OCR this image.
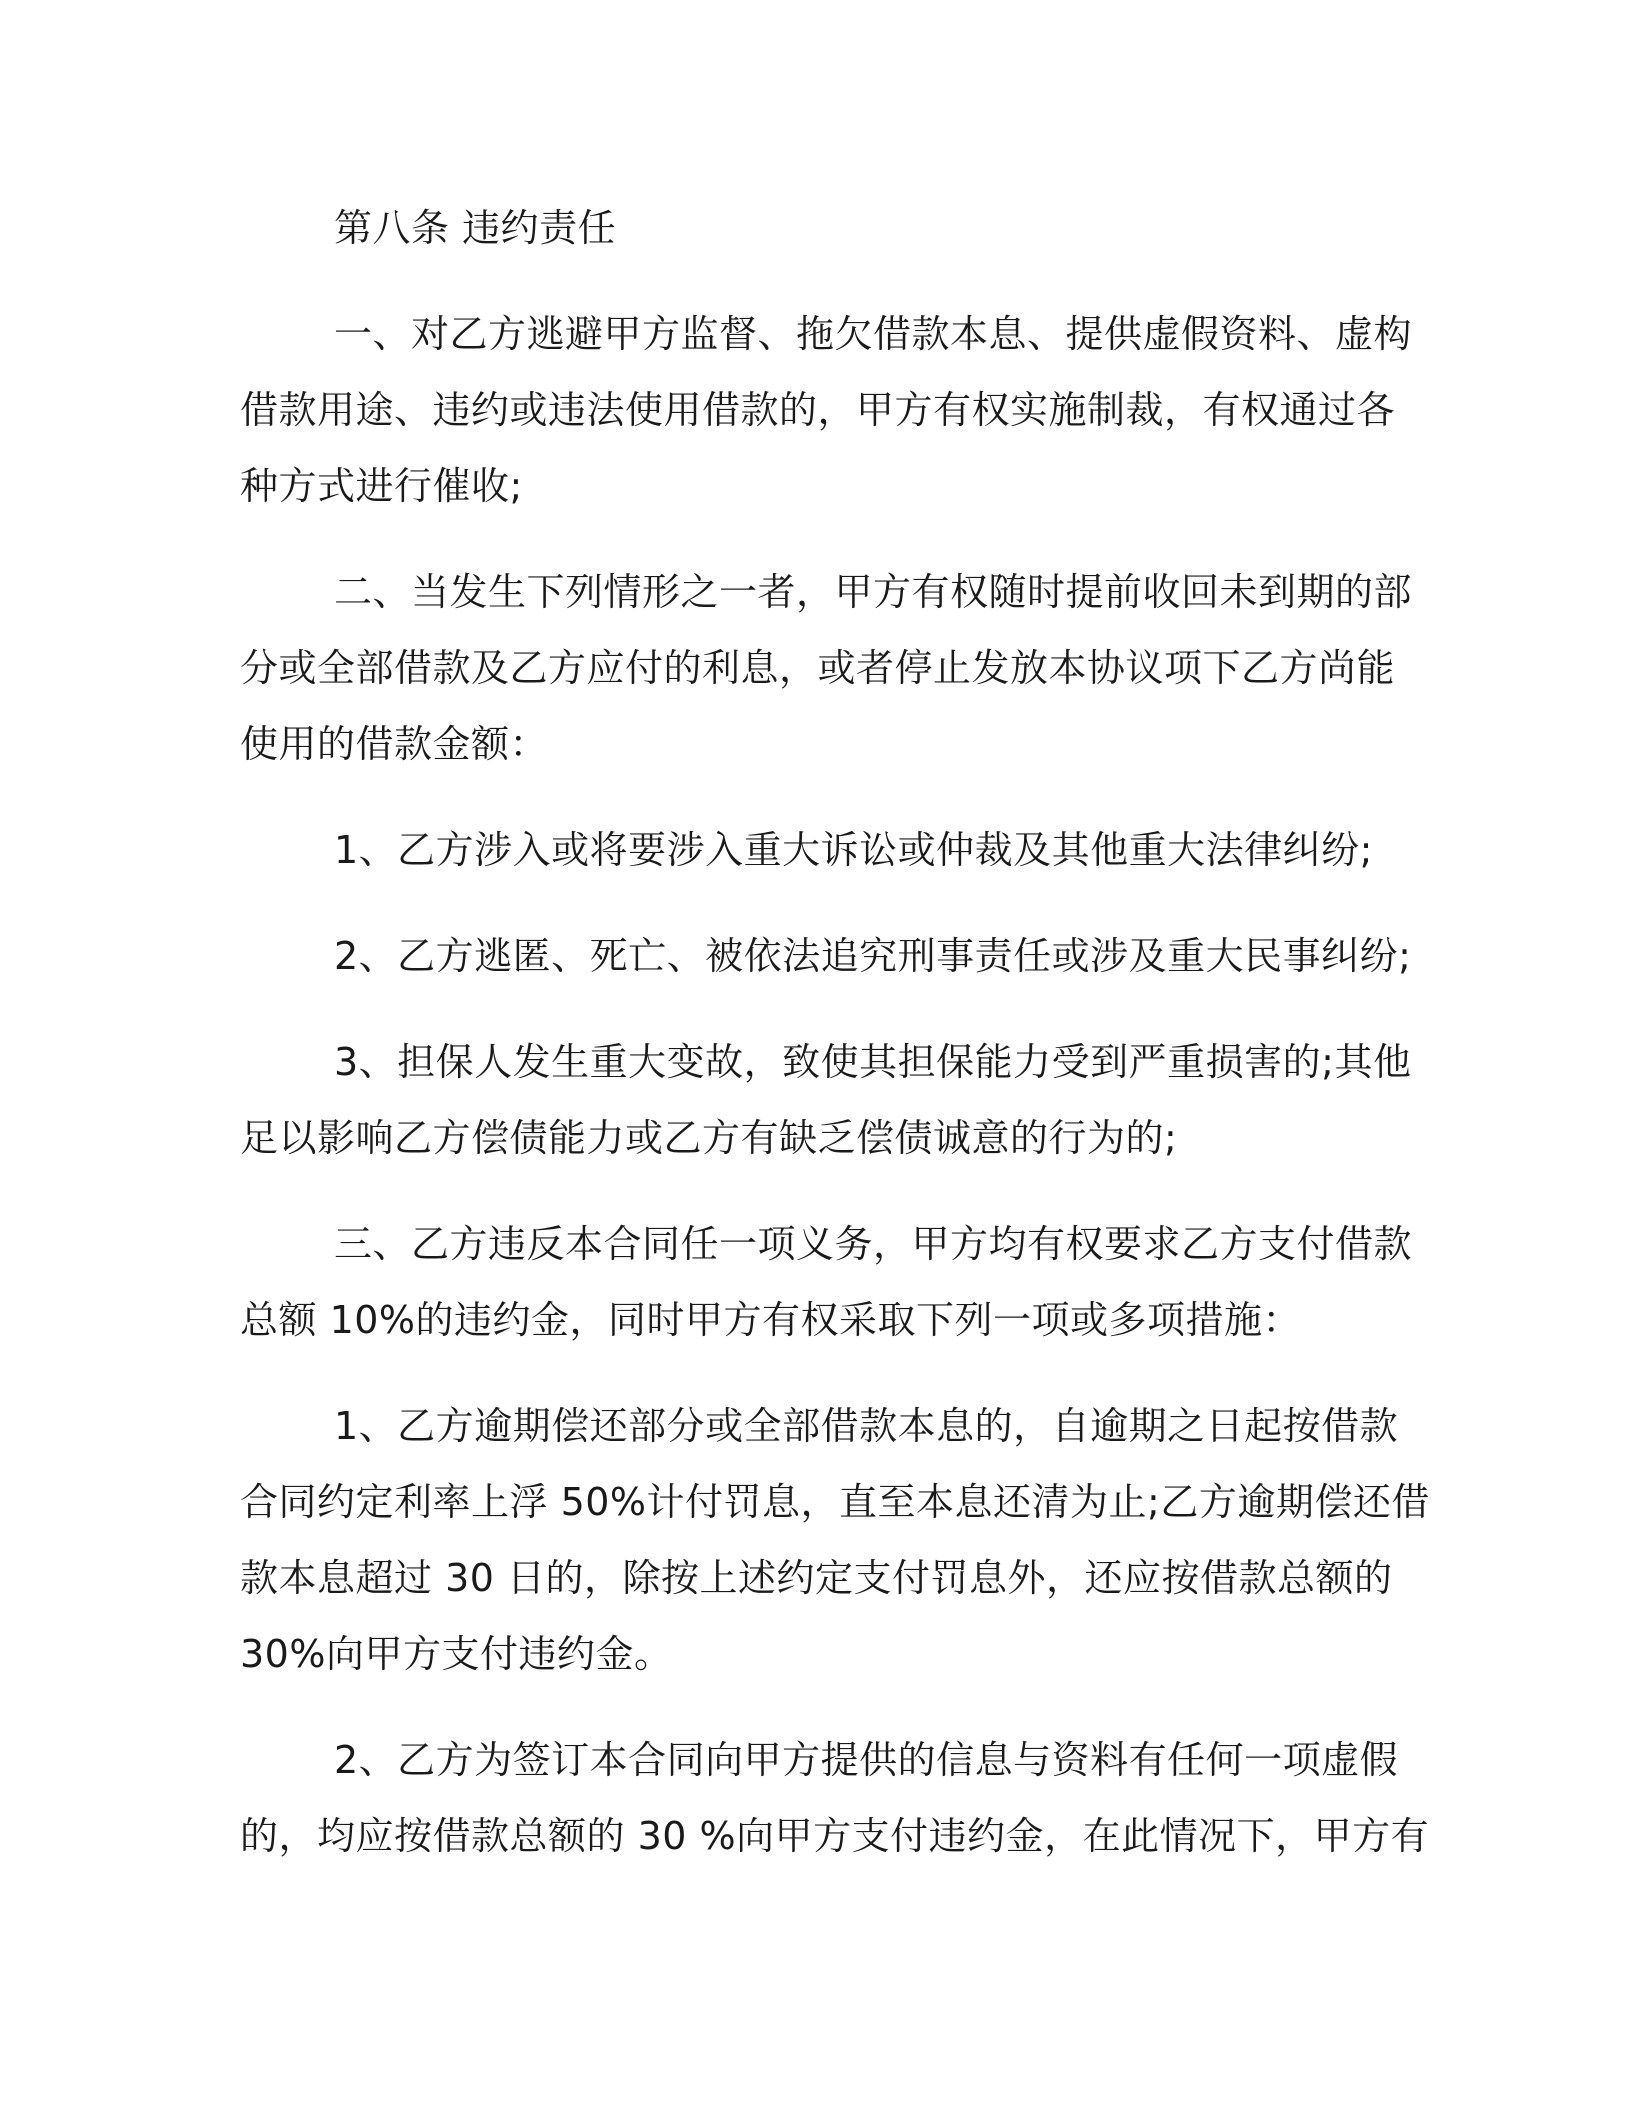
第八条 违约责任
一、对乙方逃避甲方监督、拖欠借款本息、提供虚假资料、虚构
借款用途、违约或违法使用借款的，甲方有权实施制裁，有权通过各
种方式进行催收;
二、当发生下列情形之一者，甲方有权随时提前收回未到期的部
分或全部借款及乙方应付的利息，或者停止发放本协议项下乙方尚能
使用的借款金额：
1、乙方涉入或将要涉入重大诉讼或仲裁及其他重大法律纠纷;
2、乙方逃匿、死亡、被依法追究刑事责任或涉及重大民事纠纷;
3、担保人发生重大变故，致使其担保能力受到严重损害的;其他
足以影响乙方偿债能力或乙方有缺乏偿债诚意的行为的;
三、乙方违反本合同任一项义务，甲方均有权要求乙方支付借款
总额 10%的违约金，同时甲方有权采取下列一项或多项措施：
1、乙方逾期偿还部分或全部借款本息的，自逾期之日起按借款
合同约定利率上浮 50%计付罚息，直至本息还清为止;乙方逾期偿还借
款本息超过 30 日的，除按上述约定支付罚息外，还应按借款总额的
30%向甲方支付违约金。
2、乙方为签订本合同向甲方提供的信息与资料有任何一项虚假
的，均应按借款总额的 30 %向甲方支付违约金，在此情况下，甲方有
